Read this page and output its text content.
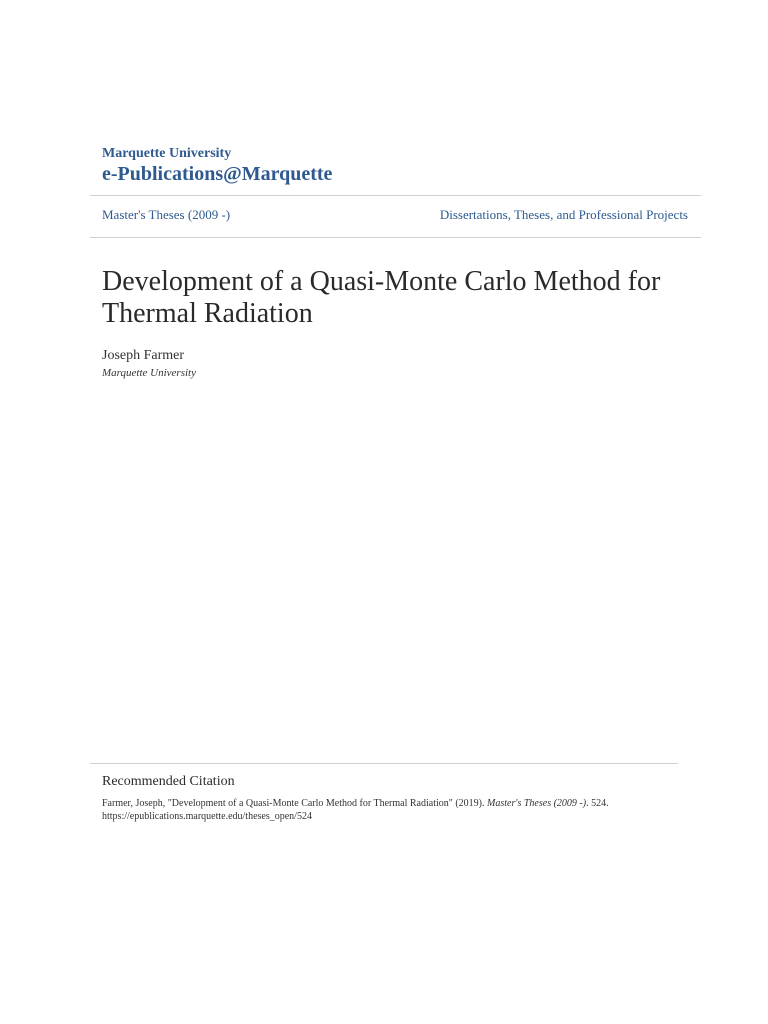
Marquette University
e-Publications@Marquette
Master's Theses (2009 -)	Dissertations, Theses, and Professional Projects
Development of a Quasi-Monte Carlo Method for Thermal Radiation
Joseph Farmer
Marquette University
Recommended Citation
Farmer, Joseph, "Development of a Quasi-Monte Carlo Method for Thermal Radiation" (2019). Master's Theses (2009 -). 524.
https://epublications.marquette.edu/theses_open/524
